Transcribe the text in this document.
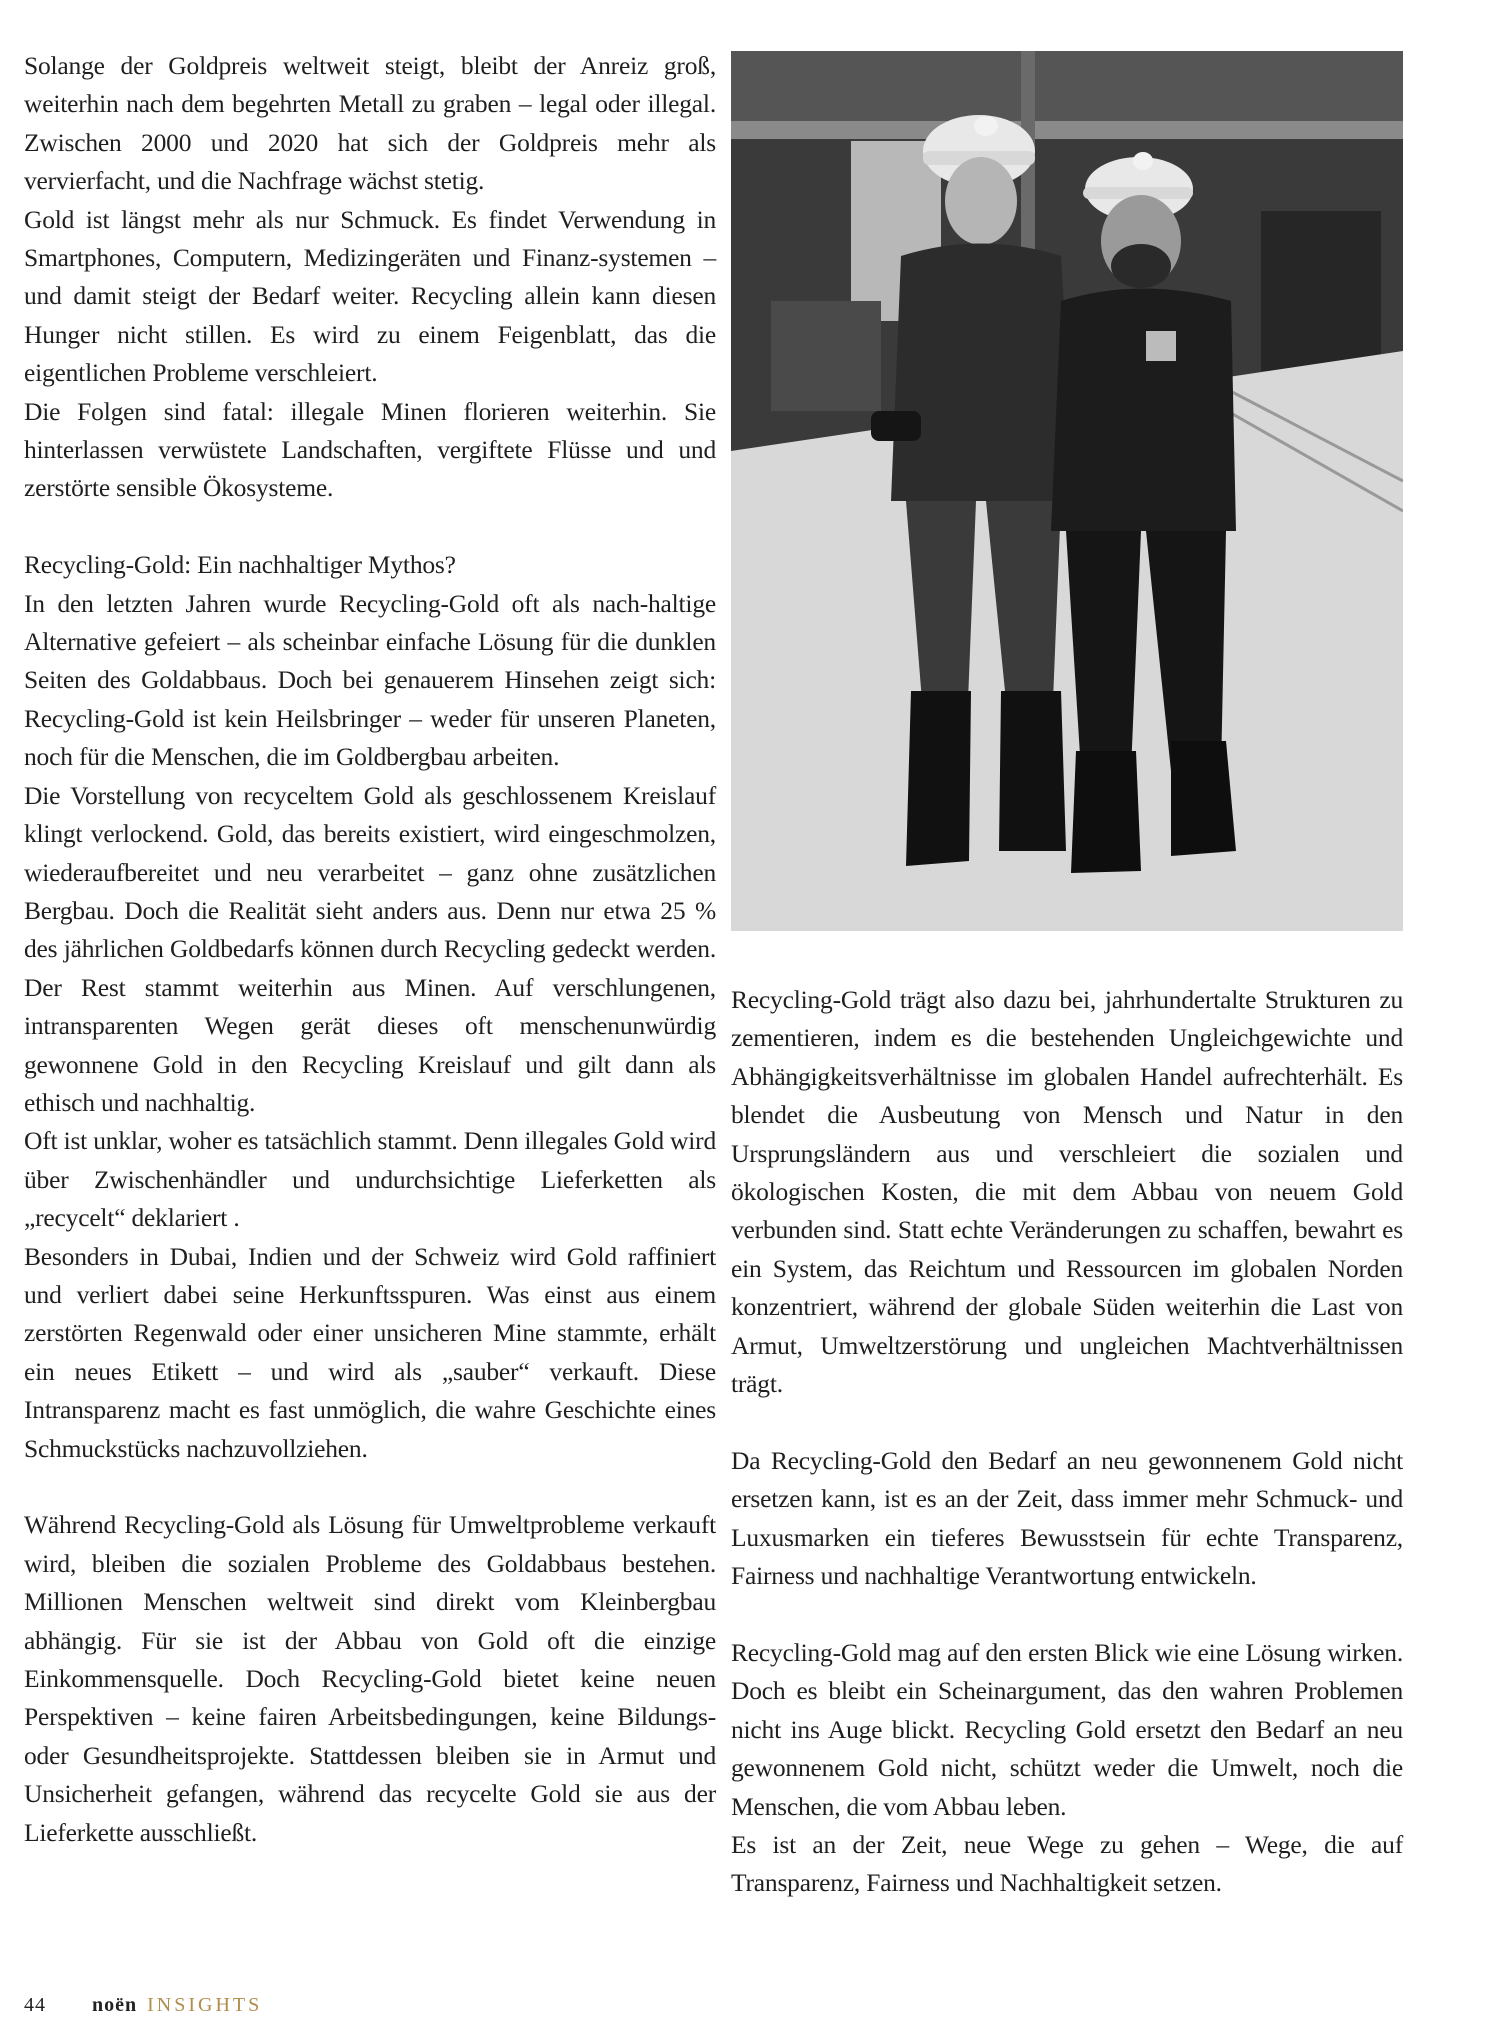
Solange der Goldpreis weltweit steigt, bleibt der Anreiz groß, weiterhin nach dem begehrten Metall zu graben – legal oder illegal. Zwischen 2000 und 2020 hat sich der Goldpreis mehr als vervierfacht, und die Nachfrage wächst stetig.

Gold ist längst mehr als nur Schmuck. Es findet Verwendung in Smartphones, Computern, Medizingeräten und Finanz-systemen – und damit steigt der Bedarf weiter. Recycling allein kann diesen Hunger nicht stillen. Es wird zu einem Feigenblatt, das die eigentlichen Probleme verschleiert.

Die Folgen sind fatal: illegale Minen florieren weiterhin. Sie hinterlassen verwüstete Landschaften, vergiftete Flüsse und und zerstörte sensible Ökosysteme.

Recycling-Gold: Ein nachhaltiger Mythos?

In den letzten Jahren wurde Recycling-Gold oft als nach-haltige Alternative gefeiert – als scheinbar einfache Lösung für die dunklen Seiten des Goldabbaus. Doch bei genauerem Hinsehen zeigt sich: Recycling-Gold ist kein Heilsbringer – weder für unseren Planeten, noch für die Menschen, die im Goldbergbau arbeiten.

Die Vorstellung von recyceltem Gold als geschlossenem Kreislauf klingt verlockend. Gold, das bereits existiert, wird eingeschmolzen, wiederaufbereitet und neu verarbeitet – ganz ohne zusätzlichen Bergbau. Doch die Realität sieht anders aus. Denn nur etwa 25 % des jährlichen Goldbedarfs können durch Recycling gedeckt werden. Der Rest stammt weiterhin aus Minen. Auf verschlungenen, intransparenten Wegen gerät dieses oft menschenunwürdig gewonnene Gold in den Recycling Kreislauf und gilt dann als ethisch und nachhaltig.

Oft ist unklar, woher es tatsächlich stammt. Denn illegales Gold wird über Zwischenhändler und undurchsichtige Lieferketten als „recycelt“ deklariert .

Besonders in Dubai, Indien und der Schweiz wird Gold raffiniert und verliert dabei seine Herkunftsspuren. Was einst aus einem zerstörten Regenwald oder einer unsicheren Mine stammte, erhält ein neues Etikett – und wird als „sauber“ verkauft. Diese Intransparenz macht es fast unmöglich, die wahre Geschichte eines Schmuckstücks nachzuvollziehen.

Während Recycling-Gold als Lösung für Umweltprobleme verkauft wird, bleiben die sozialen Probleme des Goldabbaus bestehen. Millionen Menschen weltweit sind direkt vom Kleinbergbau abhängig. Für sie ist der Abbau von Gold oft die einzige Einkommensquelle. Doch Recycling-Gold bietet keine neuen Perspektiven – keine fairen Arbeitsbedingungen, keine Bildungs- oder Gesundheitsprojekte. Stattdessen bleiben sie in Armut und Unsicherheit gefangen, während das recycelte Gold sie aus der Lieferkette ausschließt.

Recycling-Gold trägt also dazu bei, jahrhundertalte Strukturen zu zementieren, indem es die bestehenden Ungleichgewichte und Abhängigkeitsverhältnisse im globalen Handel aufrechterhält. Es blendet die Ausbeutung von Mensch und Natur in den Ursprungsländern aus und verschleiert die sozialen und ökologischen Kosten, die mit dem Abbau von neuem Gold verbunden sind. Statt echte Veränderungen zu schaffen, bewahrt es ein System, das Reichtum und Ressourcen im globalen Norden konzentriert, während der globale Süden weiterhin die Last von Armut, Umweltzerstörung und ungleichen Machtverhältnissen trägt.

Da Recycling-Gold den Bedarf an neu gewonnenem Gold nicht ersetzen kann, ist es an der Zeit, dass immer mehr Schmuck- und Luxusmarken ein tieferes Bewusstsein für echte Transparenz, Fairness und nachhaltige Verantwortung entwickeln.

Recycling-Gold mag auf den ersten Blick wie eine Lösung wirken. Doch es bleibt ein Scheinargument, das den wahren Problemen nicht ins Auge blickt. Recycling Gold ersetzt den Bedarf an neu gewonnenem Gold nicht, schützt weder die Umwelt, noch die Menschen, die vom Abbau leben.

Es ist an der Zeit, neue Wege zu gehen – Wege, die auf Transparenz, Fairness und Nachhaltigkeit setzen.

44 noën INSIGHTS
